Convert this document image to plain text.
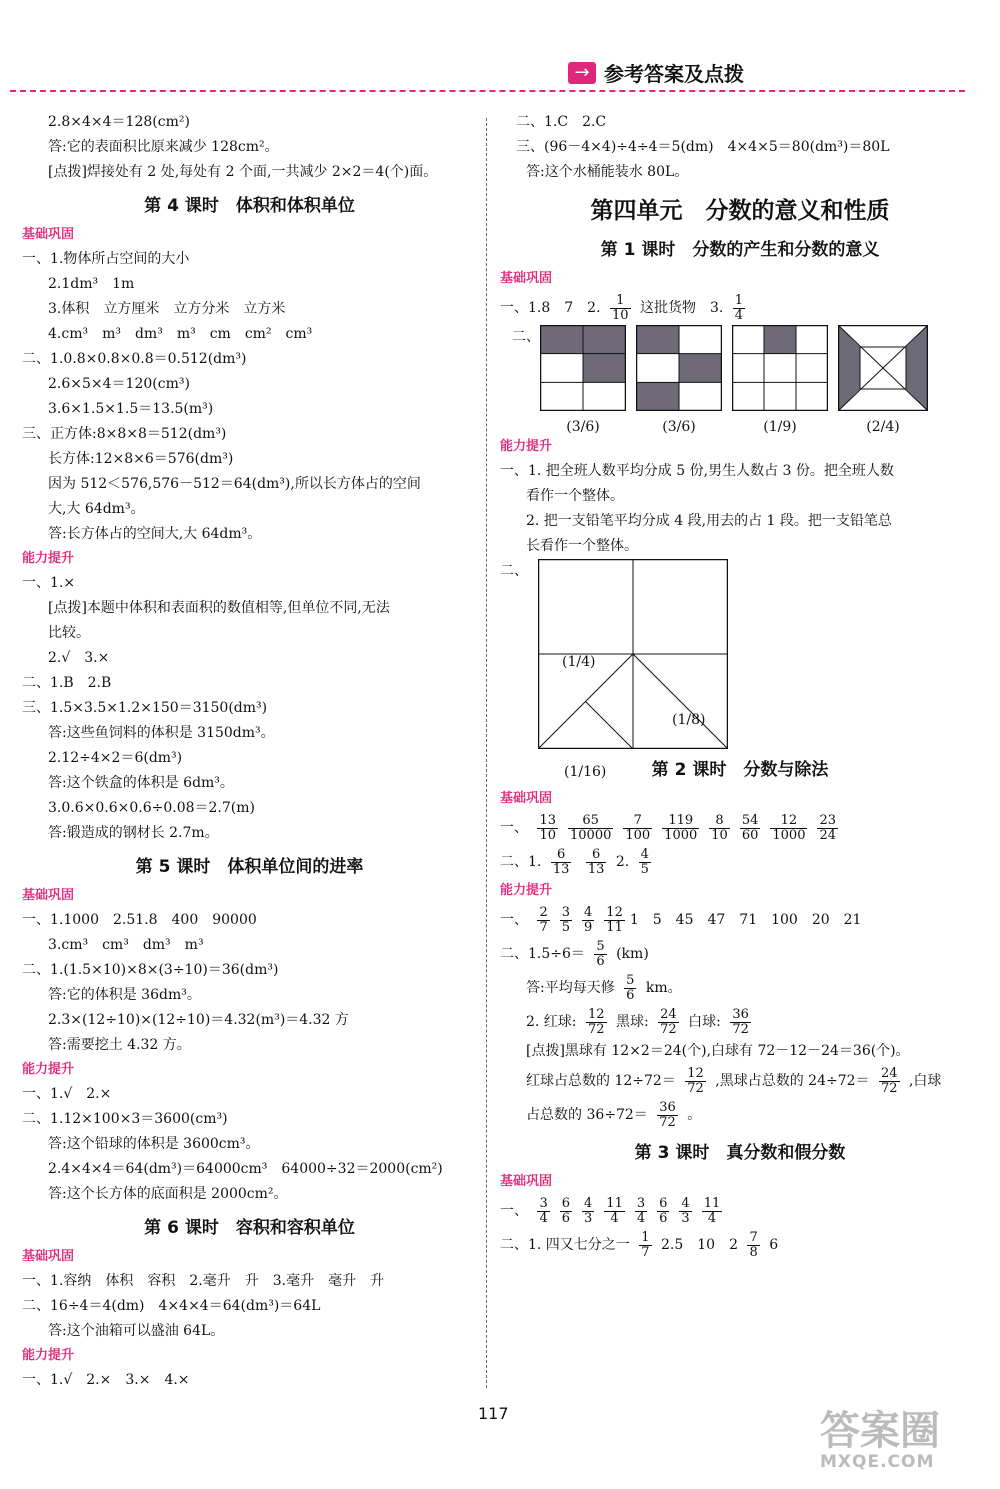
→ 参考答案及点拨
2.8×4×4＝128(cm²)
答:它的表面积比原来减少 128cm²。
[点拨]焊接处有 2 处,每处有 2 个面,一共减少 2×2＝4(个)面。
第 4 课时　体积和体积单位
基础巩固
一、1.物体所占空间的大小
2.1dm³　1m
3.体积　立方厘米　立方分米　立方米
4.cm³　m³　dm³　m³　cm　cm²　cm³
二、1.0.8×0.8×0.8＝0.512(dm³)
2.6×5×4＝120(cm³)
3.6×1.5×1.5＝13.5(m³)
三、正方体:8×8×8＝512(dm³)
长方体:12×8×6＝576(dm³)
因为 512＜576,576－512＝64(dm³),所以长方体占的空间
大,大 64dm³。
答:长方体占的空间大,大 64dm³。
能力提升
一、1.×
[点拨]本题中体积和表面积的数值相等,但单位不同,无法
比较。
2.√　3.×
二、1.B　2.B
三、1.5×3.5×1.2×150＝3150(dm³)
答:这些鱼饲料的体积是 3150dm³。
2.12÷4×2＝6(dm³)
答:这个铁盒的体积是 6dm³。
3.0.6×0.6×0.6÷0.08＝2.7(m)
答:锻造成的钢材长 2.7m。
第 5 课时　体积单位间的进率
基础巩固
一、1.1000　2.51.8　400　90000
3.cm³　cm³　dm³　m³
二、1.(1.5×10)×8×(3÷10)＝36(dm³)
答:它的体积是 36dm³。
2.3×(12÷10)×(12÷10)＝4.32(m³)＝4.32 方
答:需要挖土 4.32 方。
能力提升
一、1.√　2.×
二、1.12×100×3＝3600(cm³)
答:这个铅球的体积是 3600cm³。
2.4×4×4＝64(dm³)＝64000cm³　64000÷32＝2000(cm²)
答:这个长方体的底面积是 2000cm²。
第 6 课时　容积和容积单位
基础巩固
一、1.容纳　体积　容积　2.毫升　升　3.毫升　毫升　升
二、16÷4＝4(dm)　4×4×4＝64(dm³)＝64L
答:这个油箱可以盛油 64L。
能力提升
一、1.√　2.×　3.×　4.×
二、1.C　2.C
三、(96－4×4)÷4÷4＝5(dm)　4×4×5＝80(dm³)＝80L
答:这个水桶能装水 80L。
第四单元　分数的意义和性质
第 1 课时　分数的产生和分数的意义
基础巩固
一、1.8　7　2. $\frac{1}{10}$ 这批货物　3. $\frac{1}{4}$
二、
(3/6)	(3/6)	(1/9)	(2/4)
能力提升
一、1. 把全班人数平均分成 5 份,男生人数占 3 份。把全班人数
看作一个整体。
2. 把一支铅笔平均分成 4 段,用去的占 1 段。把一支铅笔总
长看作一个整体。
二、
(1/4)
(1/8)
(1/16)	第 2 课时　分数与除法
基础巩固
一、 $\frac{13}{10} \frac{65}{10000} \frac{7}{100} \frac{119}{1000} \frac{8}{10} \frac{54}{60} \frac{12}{1000} \frac{23}{24}$
二、1. $\frac{6}{13}$
$\frac{6}{13} 2$. $\frac{4}{5}$
能力提升
一、 $\frac{2}{7} \frac{3}{5} \frac{4}{9} \frac{12}{11} 1$　5　45　47　71　100　20　21
二、$1.5\div 6= \frac{5}{6} (km)$
答:平均每天修 $\frac{5}{6}$ km。
2. 红球: $\frac{12}{72}$ 黑球: $\frac{24}{72}$ 白球: $\frac{36}{72}$
[点拨]黑球有 12×2＝24(个),白球有 72－12－24＝36(个)。
红球占总数的 $12\div 72= \frac{12}{72}$ ,黑球占总数的 $24\div 72= \frac{24}{72}$ ,白球
占总数的 $36\div 72= \frac{36}{72}$ 。
第 3 课时　真分数和假分数
基础巩固
一、 $\frac{3}{4} \frac{6}{6} \frac{4}{3} \frac{11}{4} \frac{3}{4} \frac{6}{6} \frac{4}{3} \frac{11}{4}$
二、1. 四又七分之一 $\frac{1}{7} 2.5$　10　$2 \frac{7}{8} 6$
117	答案圈
MXQE.COM
